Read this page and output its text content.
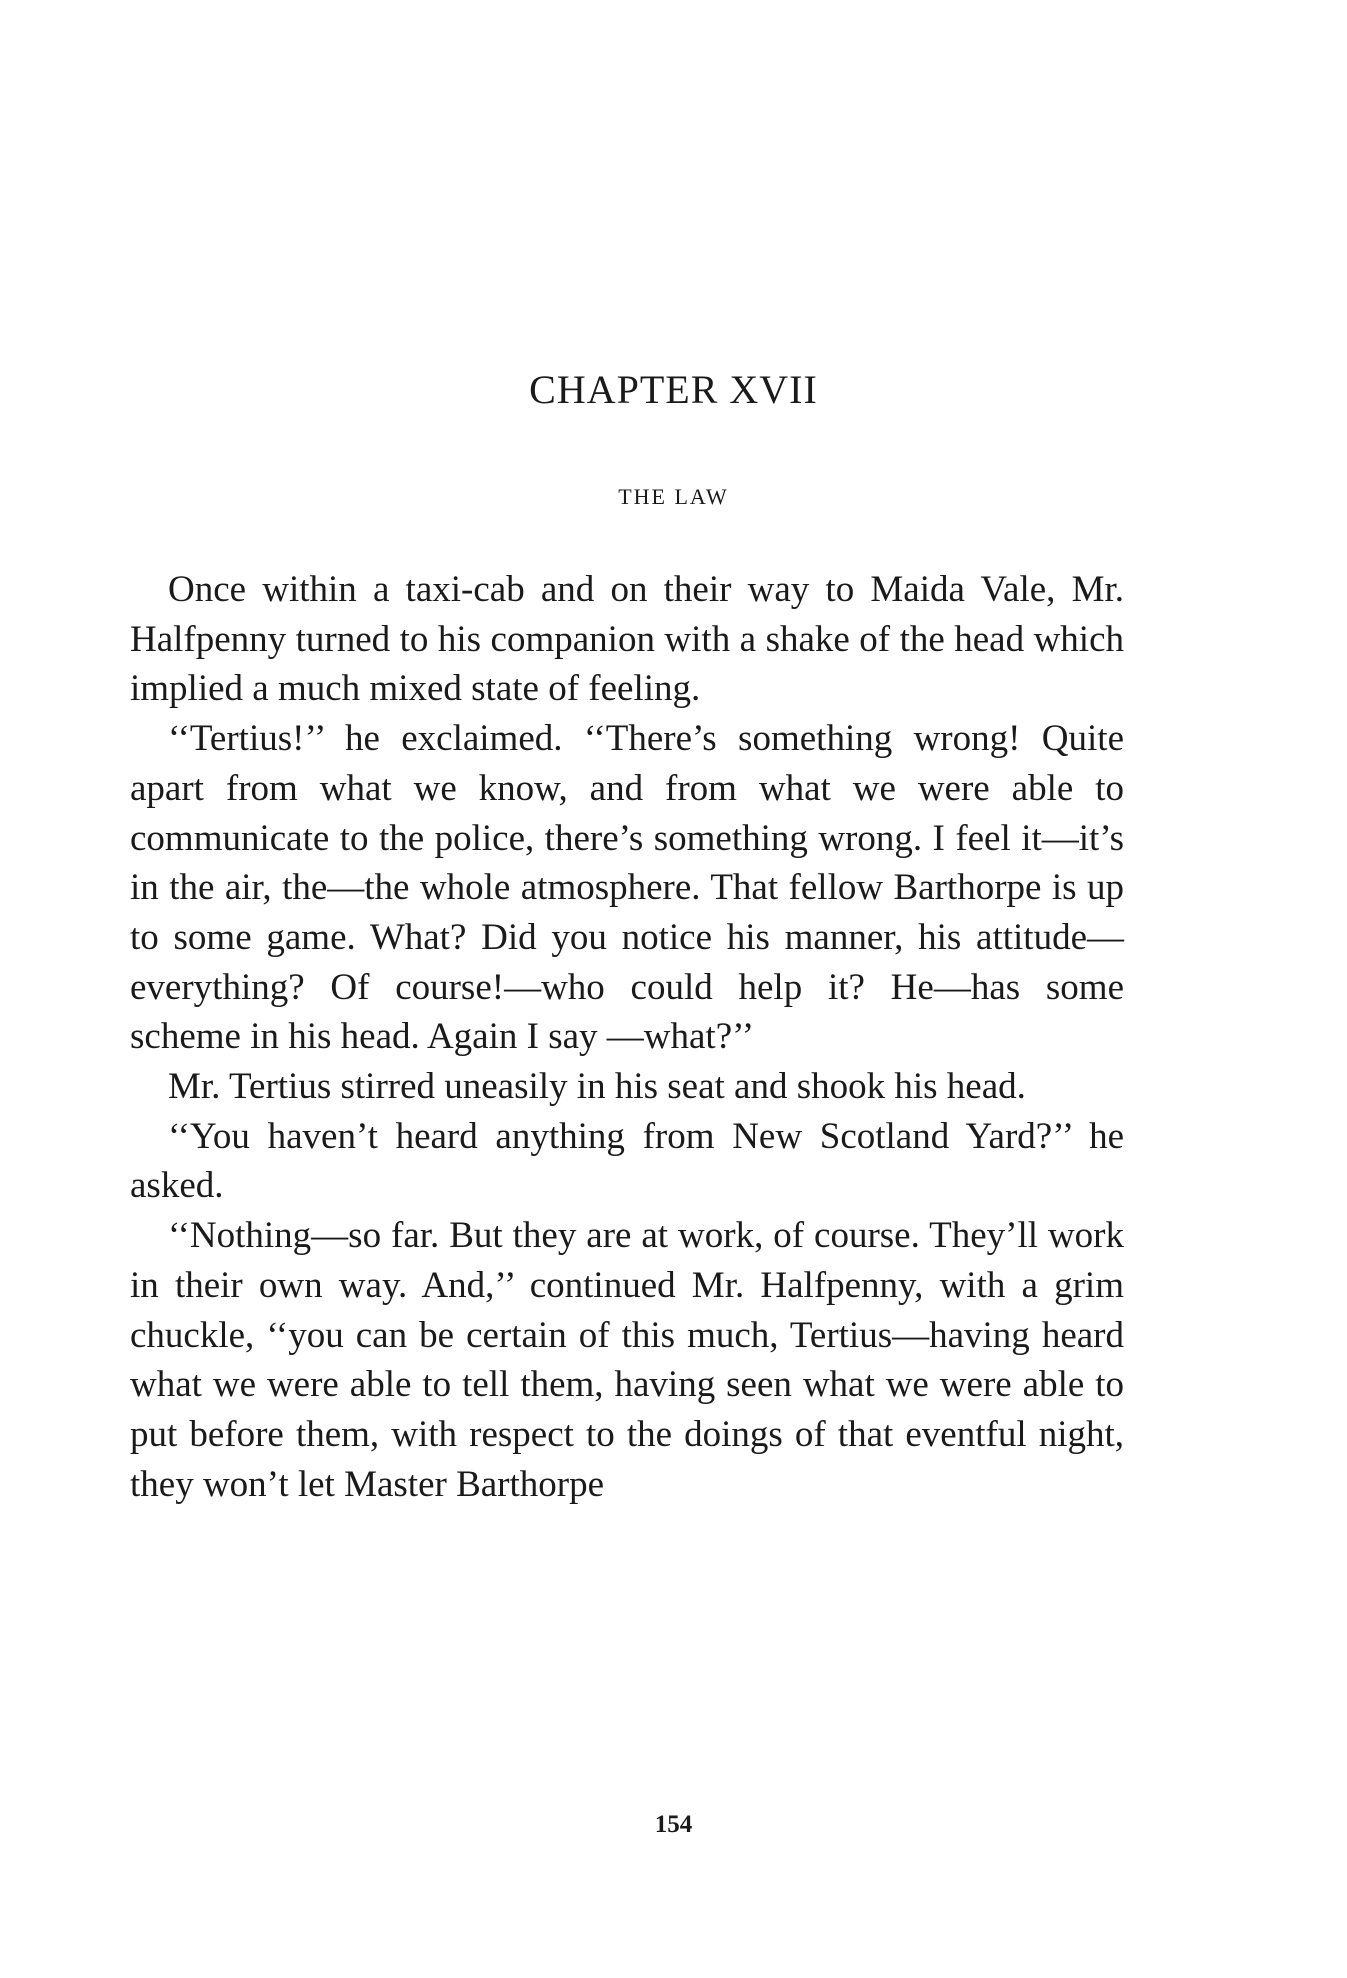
CHAPTER XVII
THE LAW

Once within a taxi-cab and on their way to Maida Vale, Mr. Halfpenny turned to his companion with a shake of the head which implied a much mixed state of feeling.

‘‘Tertius!’’ he exclaimed. ‘‘There’s something wrong! Quite apart from what we know, and from what we were able to communicate to the police, there’s something wrong. I feel it—it’s in the air, the—the whole atmosphere. That fellow Barthorpe is up to some game. What? Did you notice his manner, his attitude—everything? Of course!—who could help it? He—has some scheme in his head. Again I say —what?’’

Mr. Tertius stirred uneasily in his seat and shook his head.

‘‘You haven’t heard anything from New Scotland Yard?’’ he asked.

‘‘Nothing—so far. But they are at work, of course. They’ll work in their own way. And,’’ continued Mr. Halfpenny, with a grim chuckle, ‘‘you can be certain of this much, Tertius—having heard what we were able to tell them, having seen what we were able to put before them, with respect to the doings of that eventful night, they won’t let Master Barthorpe

154
